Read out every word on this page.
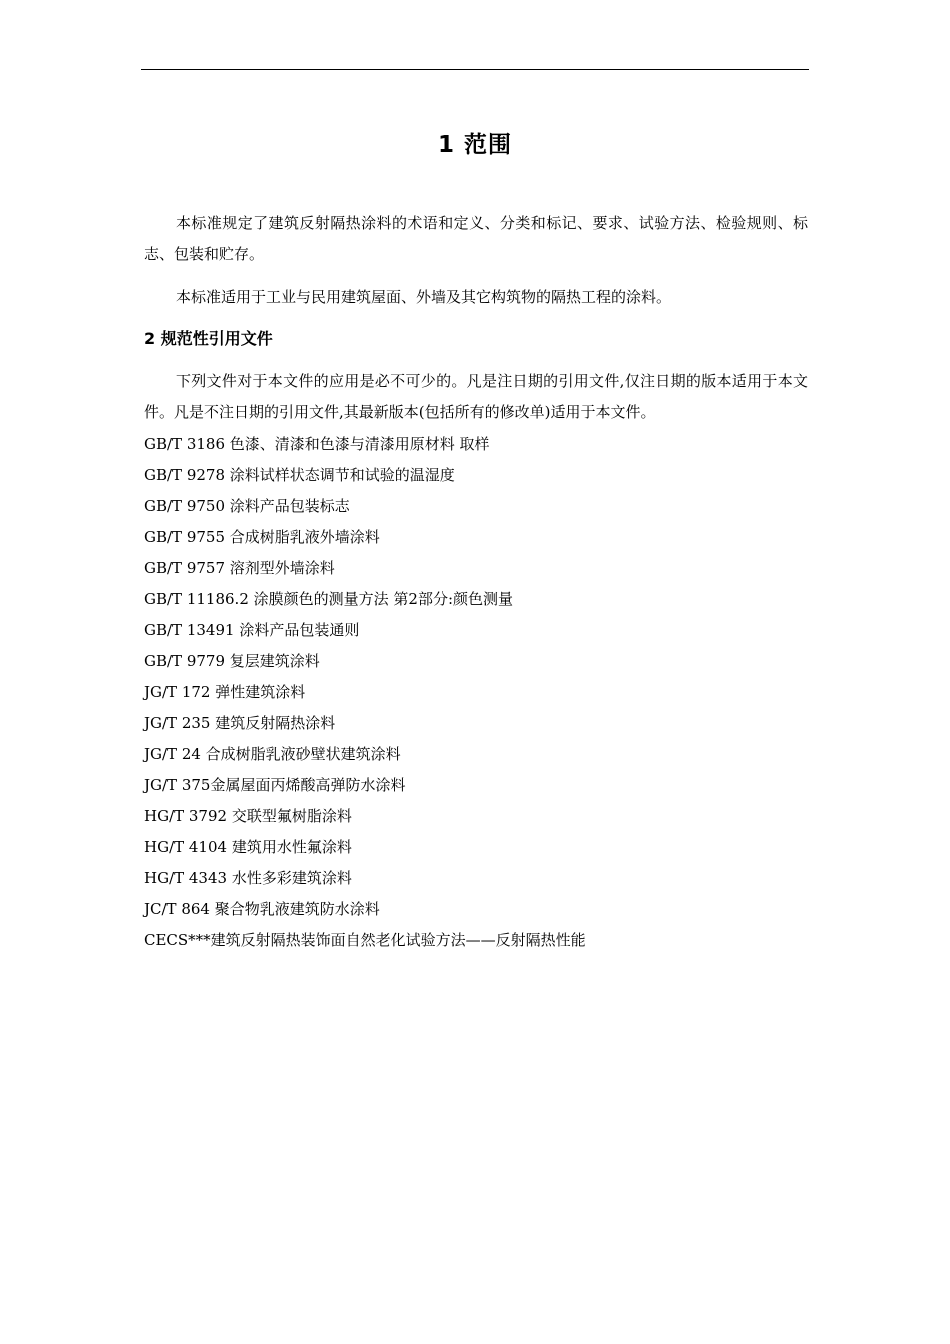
1 范围

本标准规定了建筑反射隔热涂料的术语和定义、分类和标记、要求、试验方法、检验规则、标志、包装和贮存。

本标准适用于工业与民用建筑屋面、外墙及其它构筑物的隔热工程的涂料。

2 规范性引用文件

下列文件对于本文件的应用是必不可少的。凡是注日期的引用文件,仅注日期的版本适用于本文件。凡是不注日期的引用文件,其最新版本(包括所有的修改单)适用于本文件。

GB/T 3186 色漆、清漆和色漆与清漆用原材料 取样
GB/T 9278 涂料试样状态调节和试验的温湿度
GB/T 9750 涂料产品包装标志
GB/T 9755 合成树脂乳液外墙涂料
GB/T 9757 溶剂型外墙涂料
GB/T 11186.2 涂膜颜色的测量方法 第2部分:颜色测量
GB/T 13491 涂料产品包装通则
GB/T 9779 复层建筑涂料
JG/T 172 弹性建筑涂料
JG/T 235 建筑反射隔热涂料
JG/T 24 合成树脂乳液砂壁状建筑涂料
JG/T 375金属屋面丙烯酸高弹防水涂料
HG/T 3792 交联型氟树脂涂料
HG/T 4104 建筑用水性氟涂料
HG/T 4343 水性多彩建筑涂料
JC/T 864 聚合物乳液建筑防水涂料
CECS***建筑反射隔热装饰面自然老化试验方法——反射隔热性能
